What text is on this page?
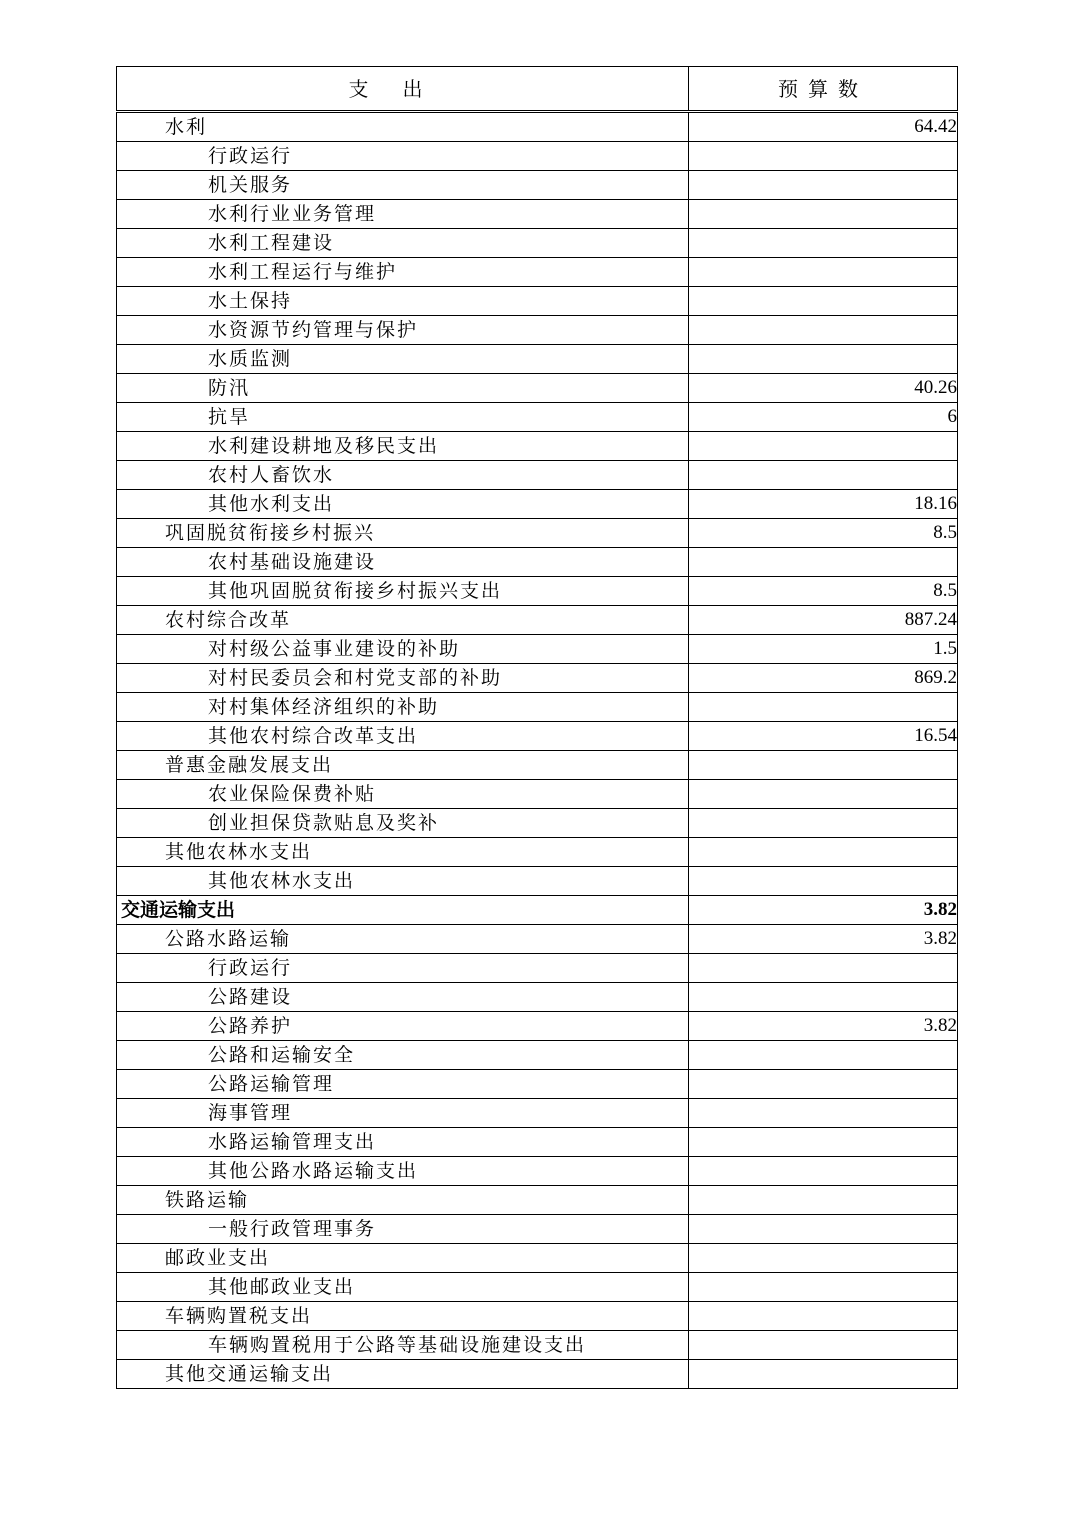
支出	预算数
水利	64.42
行政运行	
机关服务	
水利行业业务管理	
水利工程建设	
水利工程运行与维护	
水土保持	
水资源节约管理与保护	
水质监测	
防汛	40.26
抗旱	6
水利建设耕地及移民支出	
农村人畜饮水	
其他水利支出	18.16
巩固脱贫衔接乡村振兴	8.5
农村基础设施建设	
其他巩固脱贫衔接乡村振兴支出	8.5
农村综合改革	887.24
对村级公益事业建设的补助	1.5
对村民委员会和村党支部的补助	869.2
对村集体经济组织的补助	
其他农村综合改革支出	16.54
普惠金融发展支出	
农业保险保费补贴	
创业担保贷款贴息及奖补	
其他农林水支出	
其他农林水支出	
交通运输支出	3.82
公路水路运输	3.82
行政运行	
公路建设	
公路养护	3.82
公路和运输安全	
公路运输管理	
海事管理	
水路运输管理支出	
其他公路水路运输支出	
铁路运输	
一般行政管理事务	
邮政业支出	
其他邮政业支出	
车辆购置税支出	
车辆购置税用于公路等基础设施建设支出	
其他交通运输支出	
